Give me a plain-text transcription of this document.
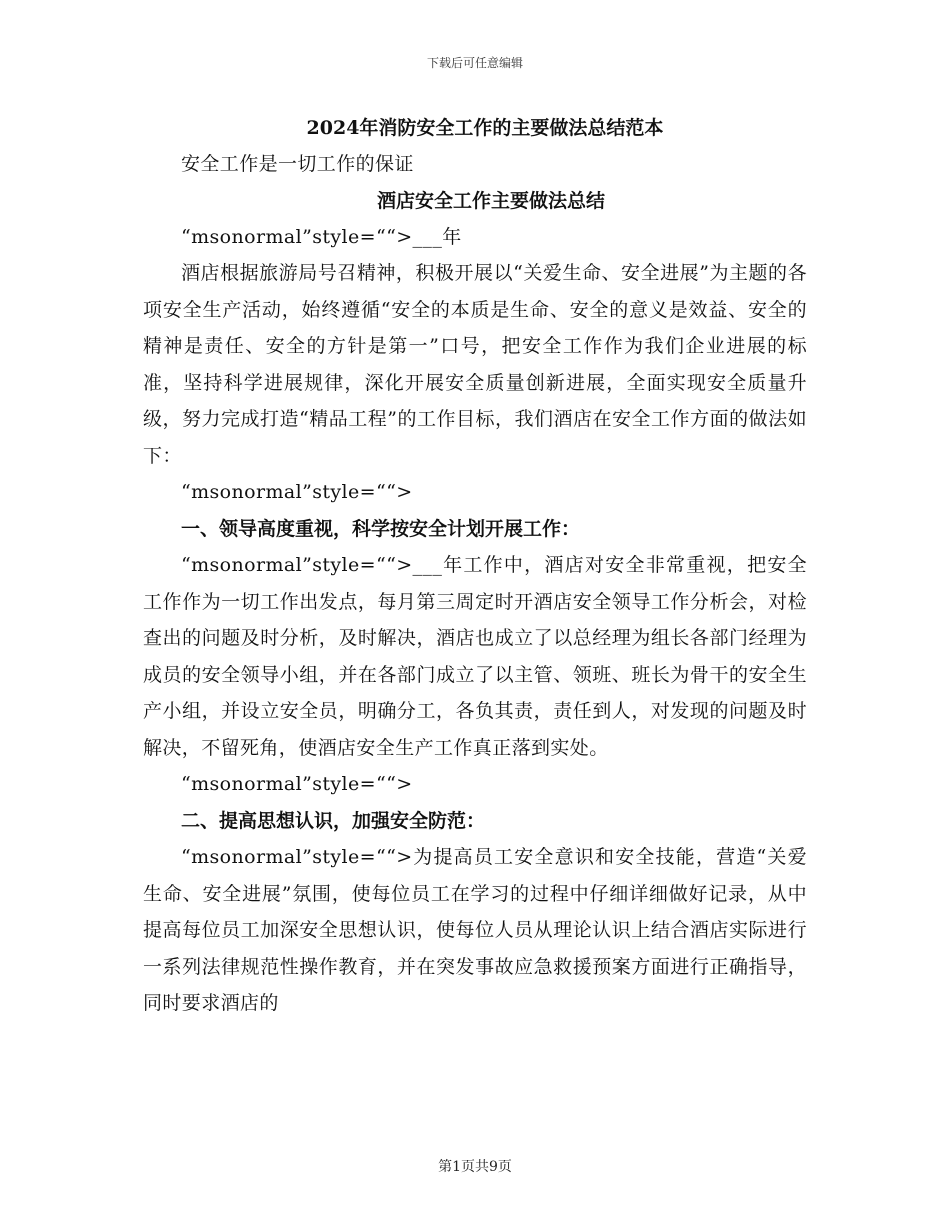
下载后可任意编辑
2024年消防安全工作的主要做法总结范本

安全工作是一切工作的保证

酒店安全工作主要做法总结

“msonormal”style=““>___年

酒店根据旅游局号召精神，积极开展以“关爱生命、安全进展”为主题的各项安全生产活动，始终遵循“安全的本质是生命、安全的意义是效益、安全的精神是责任、安全的方针是第一”口号，把安全工作作为我们企业进展的标准，坚持科学进展规律，深化开展安全质量创新进展，全面实现安全质量升级，努力完成打造“精品工程”的工作目标，我们酒店在安全工作方面的做法如下：

“msonormal”style=““>

一、领导高度重视，科学按安全计划开展工作：

“msonormal”style=““>___年工作中，酒店对安全非常重视，把安全工作作为一切工作出发点，每月第三周定时开酒店安全领导工作分析会，对检查出的问题及时分析，及时解决，酒店也成立了以总经理为组长各部门经理为成员的安全领导小组，并在各部门成立了以主管、领班、班长为骨干的安全生产小组，并设立安全员，明确分工，各负其责，责任到人，对发现的问题及时解决，不留死角，使酒店安全生产工作真正落到实处。

“msonormal”style=““>

二、提高思想认识，加强安全防范：

“msonormal”style=““>为提高员工安全意识和安全技能，营造“关爱生命、安全进展”氛围，使每位员工在学习的过程中仔细详细做好记录，从中提高每位员工加深安全思想认识，使每位人员从理论认识上结合酒店实际进行一系列法律规范性操作教育，并在突发事故应急救援预案方面进行正确指导，同时要求酒店的

第1页共9页
